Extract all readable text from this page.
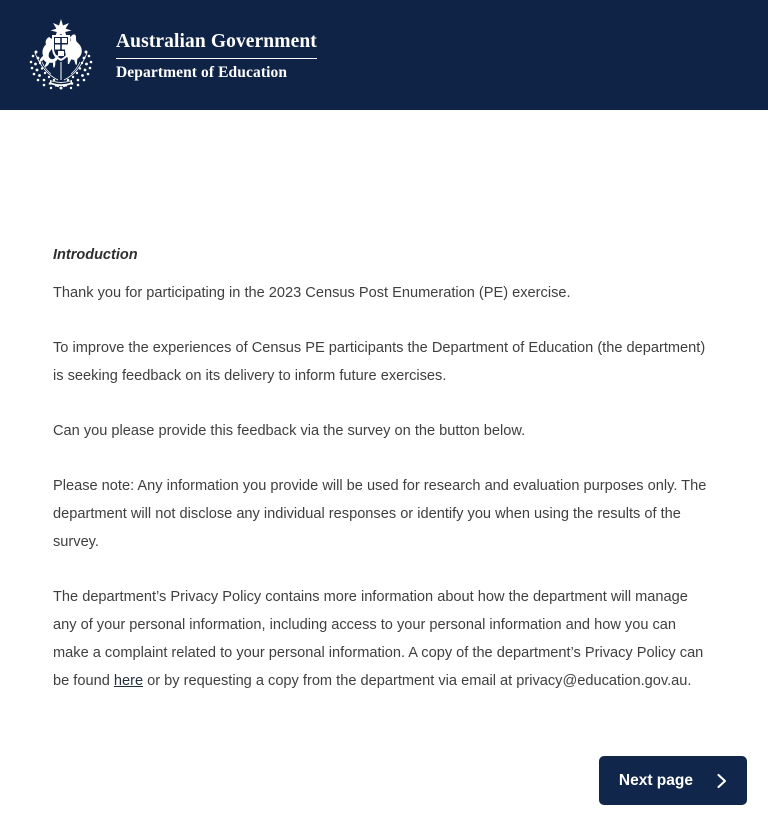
Australian Government
Department of Education
Introduction

Thank you for participating in the 2023 Census Post Enumeration (PE) exercise.

To improve the experiences of Census PE participants the Department of Education (the department) is seeking feedback on its delivery to inform future exercises.

Can you please provide this feedback via the survey on the button below.

Please note: Any information you provide will be used for research and evaluation purposes only. The department will not disclose any individual responses or identify you when using the results of the survey.

The department’s Privacy Policy contains more information about how the department will manage any of your personal information, including access to your personal information and how you can make a complaint related to your personal information. A copy of the department’s Privacy Policy can be found here or by requesting a copy from the department via email at privacy@education.gov.au.

Next page
